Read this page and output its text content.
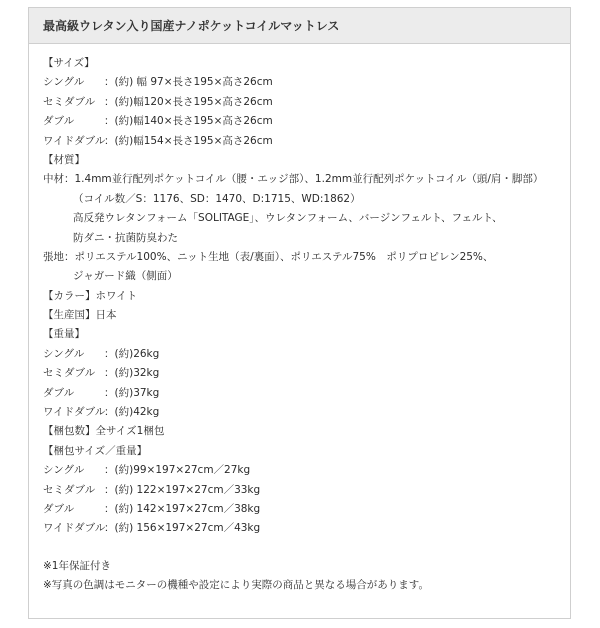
最高級ウレタン入り国産ナノポケットコイルマットレス
【サイズ】
シングル ：(約) 幅 97×長さ195×高さ26cm
セミダブル ：(約)幅120×長さ195×高さ26cm
ダブル	：(約)幅140×長さ195×高さ26cm
ワイドダブル：(約)幅154×長さ195×高さ26cm
【材質】
中材：1.4mm並行配列ポケットコイル（腰・エッジ部）、1.2mm並行配列ポケットコイル（頭/肩・脚部）
（コイル数／S：1176、SD：1470、D:1715、WD:1862）
高反発ウレタンフォーム「SOLITAGE」、ウレタンフォーム、バージンフェルト、フェルト、
防ダニ・抗菌防臭わた
張地：ポリエステル100%、ニット生地（表/裏面）、ポリエステル75%　ポリプロピレン25%、
ジャガード織（側面）
【カラー】ホワイト
【生産国】日本
【重量】
シングル ：(約)26kg
セミダブル ：(約)32kg
ダブル	：(約)37kg
ワイドダブル：(約)42kg
【梱包数】全サイズ1梱包
【梱包サイズ／重量】
シングル ：(約)99×197×27cm／27kg
セミダブル ：(約) 122×197×27cm／33kg
ダブル	：(約) 142×197×27cm／38kg
ワイドダブル：(約) 156×197×27cm／43kg
※1年保証付き
※写真の色調はモニターの機種や設定により実際の商品と異なる場合があります。
